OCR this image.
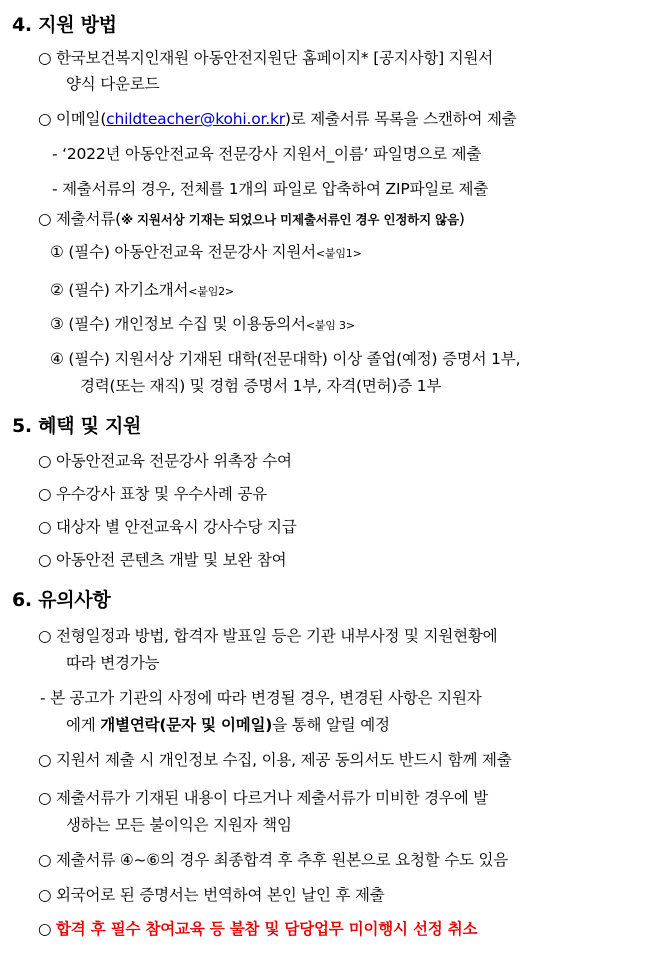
4. 지원 방법
○ 한국보건복지인재원 아동안전지원단 홈페이지* [공지사항] 지원서
양식 다운로드
○ 이메일(childteacher@kohi.or.kr)로 제출서류 목록을 스캔하여 제출
- ‘2022년 아동안전교육 전문강사 지원서_이름’ 파일명으로 제출
- 제출서류의 경우, 전체를 1개의 파일로 압축하여 ZIP파일로 제출
○ 제출서류(※ 지원서상 기재는 되었으나 미제출서류인 경우 인정하지 않음)
① (필수) 아동안전교육 전문강사 지원서<붙임1>
② (필수) 자기소개서<붙임2>
③ (필수) 개인정보 수집 및 이용동의서<붙임 3>
④ (필수) 지원서상 기재된 대학(전문대학) 이상 졸업(예정) 증명서 1부,
경력(또는 재직) 및 경험 증명서 1부, 자격(면허)증 1부
5. 혜택 및 지원
○ 아동안전교육 전문강사 위촉장 수여
○ 우수강사 표창 및 우수사례 공유
○ 대상자 별 안전교육시 강사수당 지급
○ 아동안전 콘텐츠 개발 및 보완 참여
6. 유의사항
○ 전형일정과 방법, 합격자 발표일 등은 기관 내부사정 및 지원현황에
따라 변경가능
- 본 공고가 기관의 사정에 따라 변경될 경우, 변경된 사항은 지원자
에게 개별연락(문자 및 이메일)을 통해 알릴 예정
○ 지원서 제출 시 개인정보 수집, 이용, 제공 동의서도 반드시 함께 제출
○ 제출서류가 기재된 내용이 다르거나 제출서류가 미비한 경우에 발
생하는 모든 불이익은 지원자 책임
○ 제출서류 ④~⑥의 경우 최종합격 후 추후 원본으로 요청할 수도 있음
○ 외국어로 된 증명서는 번역하여 본인 날인 후 제출
○ 합격 후 필수 참여교육 등 불참 및 담당업무 미이행시 선정 취소
